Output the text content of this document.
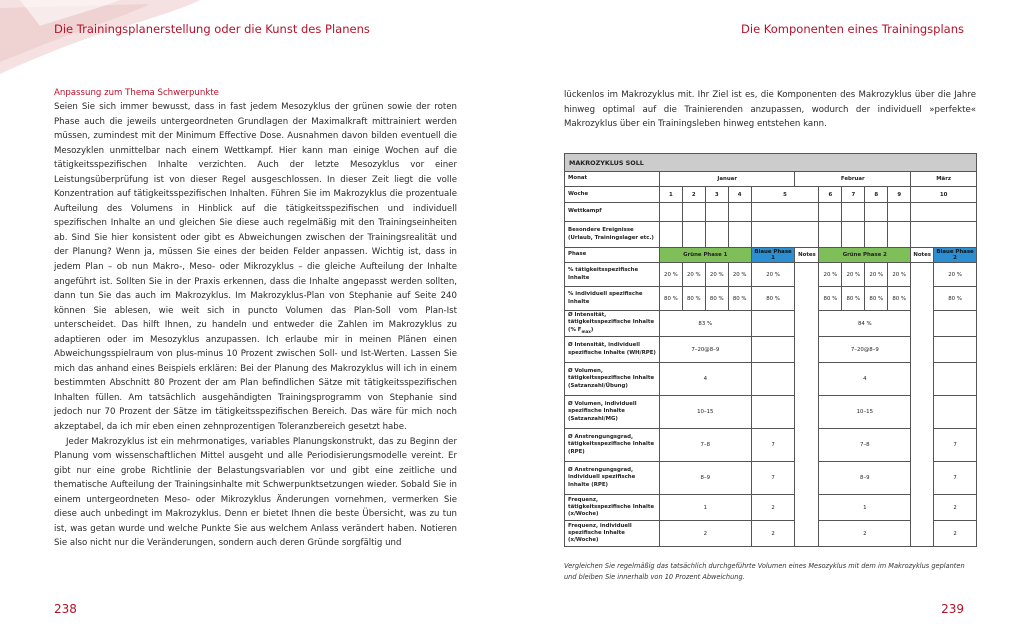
Die Trainingsplanerstellung oder die Kunst des Planens	Die Komponenten eines Trainingsplans
Anpassung zum Thema Schwerpunkte

Seien Sie sich immer bewusst, dass in fast jedem Mesozyklus der grünen sowie der roten Phase auch die jeweils untergeordneten Grundlagen der Maximalkraft mittrainiert werden müssen, zumindest mit der Minimum Effective Dose. Ausnahmen davon bilden eventuell die Mesozyklen unmittelbar nach einem Wettkampf. Hier kann man einige Wochen auf die tätigkeitsspezifischen Inhalte verzichten. Auch der letzte Mesozyklus vor einer Leistungsüberprüfung ist von dieser Regel ausgeschlossen. In dieser Zeit liegt die volle Konzentration auf tätigkeitsspezifischen Inhalten. Führen Sie im Makrozyklus die prozentuale Aufteilung des Volumens in Hinblick auf die tätigkeitsspezifischen und individuell spezifischen Inhalte an und gleichen Sie diese auch regelmäßig mit den Trainingseinheiten ab. Sind Sie hier konsistent oder gibt es Abweichungen zwischen der Trainingsrealität und der Planung? Wenn ja, müssen Sie eines der beiden Felder anpassen. Wichtig ist, dass in jedem Plan – ob nun Makro-, Meso- oder Mikrozyklus – die gleiche Aufteilung der Inhalte angeführt ist. Sollten Sie in der Praxis erkennen, dass die Inhalte angepasst werden sollten, dann tun Sie das auch im Makrozyklus. Im Makrozyklus-Plan von Stephanie auf Seite 240 können Sie ablesen, wie weit sich in puncto Volumen das Plan-Soll vom Plan-Ist unterscheidet. Das hilft Ihnen, zu handeln und entweder die Zahlen im Makrozyklus zu adaptieren oder im Mesozyklus anzupassen. Ich erlaube mir in meinen Plänen einen Abweichungsspielraum von plus-minus 10 Prozent zwischen Soll- und Ist-Werten. Lassen Sie mich das anhand eines Beispiels erklären: Bei der Planung des Makrozyklus will ich in einem bestimmten Abschnitt 80 Prozent der am Plan befindlichen Sätze mit tätigkeitsspezifischen Inhalten füllen. Am tatsächlich ausgehändigten Trainingsprogramm von Stephanie sind jedoch nur 70 Prozent der Sätze im tätigkeitsspezifischen Bereich. Das wäre für mich noch akzeptabel, da ich mir eben einen zehnprozentigen Toleranzbereich gesetzt habe.

Jeder Makrozyklus ist ein mehrmonatiges, variables Planungskonstrukt, das zu Beginn der Planung vom wissenschaftlichen Mittel ausgeht und alle Periodisierungsmodelle vereint. Er gibt nur eine grobe Richtlinie der Belastungsvariablen vor und gibt eine zeitliche und thematische Aufteilung der Trainingsinhalte mit Schwerpunktsetzungen wieder. Sobald Sie in einem untergeordneten Meso- oder Mikrozyklus Änderungen vornehmen, vermerken Sie diese auch unbedingt im Makrozyklus. Denn er bietet Ihnen die beste Übersicht, was zu tun ist, was getan wurde und welche Punkte Sie aus welchem Anlass verändert haben. Notieren Sie also nicht nur die Veränderungen, sondern auch deren Gründe sorgfältig und

lückenlos im Makrozyklus mit. Ihr Ziel ist es, die Komponenten des Makrozyklus über die Jahre hinweg optimal auf die Trainierenden anzupassen, wodurch der individuell »perfekte« Makrozyklus über ein Trainingsleben hinweg entstehen kann.

MAKROZYKLUS SOLL												
Monat	Januar					Februar					März	
Woche	1	2	3	4	5		6	7	8	9	10	
Wettkampf												
Besondere Ereignisse (Urlaub, Trainingslager etc.)												
Phase	Grüne Phase 1				Blaue Phase 1	Notes	Grüne Phase 2				Notes	Blaue Phase 2
% tätigkeitsspezifische Inhalte	20 %	20 %	20 %	20 %	20 %		20 %	20 %	20 %	20 %		20 %
% individuell spezifische Inhalte	80 %	80 %	80 %	80 %	80 %		80 %	80 %	80 %	80 %		80 %
Ø Intensität, tätigkeitsspezifische Inhalte (% $F_{max}$)	83 %						84 %					
Ø Intensität, individuell spezifische Inhalte (WH/RPE)	7–20@8–9						7–20@8–9					
Ø Volumen, tätigkeitsspezifische Inhalte (Satzanzahl/Übung)	4						4					
Ø Volumen, individuell spezifische Inhalte (Satzanzahl/MG)	10–15						10–15					
Ø Anstrengungsgrad, tätigkeitsspezifische Inhalte (RPE)	7–8				7		7–8					7
Ø Anstrengungsgrad, individuell spezifische Inhalte (RPE)	8–9				7		8–9					7
Frequenz, tätigkeitsspezifische Inhalte (x/Woche)	1				2		1					2
Frequenz, individuell spezifische Inhalte (x/Woche)	2				2		2					2
Vergleichen Sie regelmäßig das tatsächlich durchgeführte Volumen eines Mesozyklus mit dem im Makrozyklus geplanten und bleiben Sie innerhalb von 10 Prozent Abweichung.
238	239
